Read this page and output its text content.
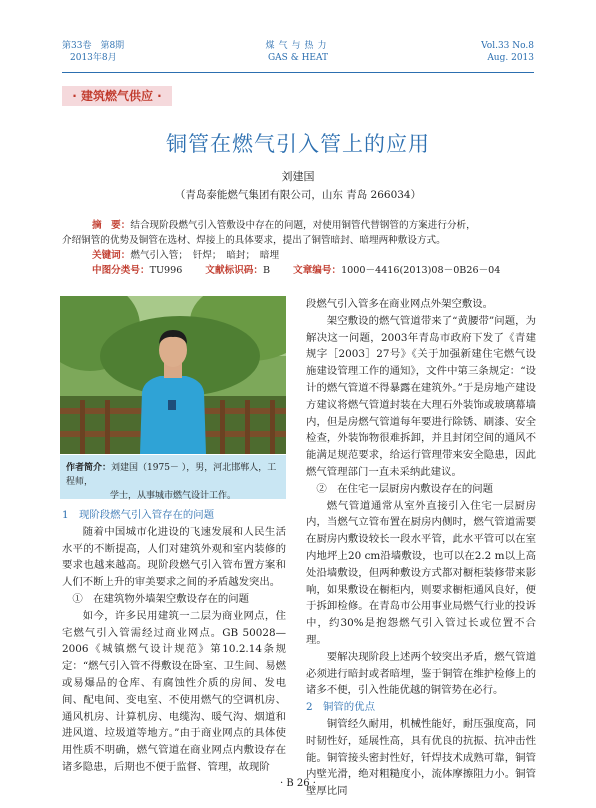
第33卷　第8期
2013年8月
煤气与热力
GAS & HEAT
Vol.33 No.8
Aug. 2013
· 建筑燃气供应 ·
铜管在燃气引入管上的应用
刘建国
（青岛泰能燃气集团有限公司，山东 青岛 266034）
摘　要：结合现阶段燃气引入管敷设中存在的问题，对使用铜管代替钢管的方案进行分析，
介绍铜管的优势及铜管在选材、焊接上的具体要求，提出了铜管暗封、暗埋两种敷设方式。
关键词：燃气引入管；　钎焊；　暗封；　暗埋
中图分类号：TU996 文献标识码：B 文章编号：1000－4416(2013)08－0B26－04
作者简介：刘建国（1975－ ），男，河北邯郸人，工程师，
学士，从事城市燃气设计工作。

1　现阶段燃气引入管存在的问题

随着中国城市化进设的飞速发展和人民生活水平的不断提高，人们对建筑外观和室内装修的要求也越来越高。现阶段燃气引入管布置方案和人们不断上升的审美要求之间的矛盾越发突出。

①　在建筑物外墙架空敷设存在的问题

如今，许多民用建筑一二层为商业网点，住宅燃气引入管需经过商业网点。GB 50028—2006《城镇燃气设计规范》第10.2.14条规定：“燃气引入管不得敷设在卧室、卫生间、易燃或易爆品的仓库、有腐蚀性介质的房间、发电间、配电间、变电室、不使用燃气的空调机房、通风机房、计算机房、电缆沟、暖气沟、烟道和进风道、垃圾道等地方。”由于商业网点的具体使用性质不明确，燃气管道在商业网点内敷设存在诸多隐患，后期也不便于监督、管理，故现阶

段燃气引入管多在商业网点外架空敷设。

架空敷设的燃气管道带来了“黄腰带”问题，为解决这一问题，2003年青岛市政府下发了《青建规字［2003］27号》《关于加强新建住宅燃气设施建设管理工作的通知》，文件中第三条规定：“设计的燃气管道不得暴露在建筑外。”于是房地产建设方建议将燃气管道封装在大理石外装饰或玻璃幕墙内，但是房燃气管道每年要进行除锈、刷漆、安全检查，外装饰物很难拆卸，并且封闭空间的通风不能满足规范要求，给运行管理带来安全隐患，因此燃气管理部门一直未采纳此建议。

②　在住宅一层厨房内敷设存在的问题

燃气管道通常从室外直接引入住宅一层厨房内，当燃气立管布置在厨房内侧时，燃气管道需要在厨房内敷设较长一段水平管，此水平管可以在室内地坪上20 cm沿墙敷设，也可以在2.2 m以上高处沿墙敷设，但两种敷设方式都对橱柜装修带来影响，如果敷设在橱柜内，则要求橱柜通风良好，便于拆卸检修。在青岛市公用事业局燃气行业的投诉中，约30%是抱怨燃气引入管过长或位置不合理。

要解决现阶段上述两个较突出矛盾，燃气管道必须进行暗封或者暗埋，鉴于铜管在维护检修上的诸多不便，引入性能优越的铜管势在必行。

2　铜管的优点

铜管经久耐用，机械性能好，耐压强度高，同时韧性好，延展性高，具有优良的抗振、抗冲击性能。铜管接头密封性好，钎焊技术成熟可靠，铜管内壁光滑，绝对粗糙度小，流体摩擦阻力小。铜管壁厚比同

· B 26 ·
